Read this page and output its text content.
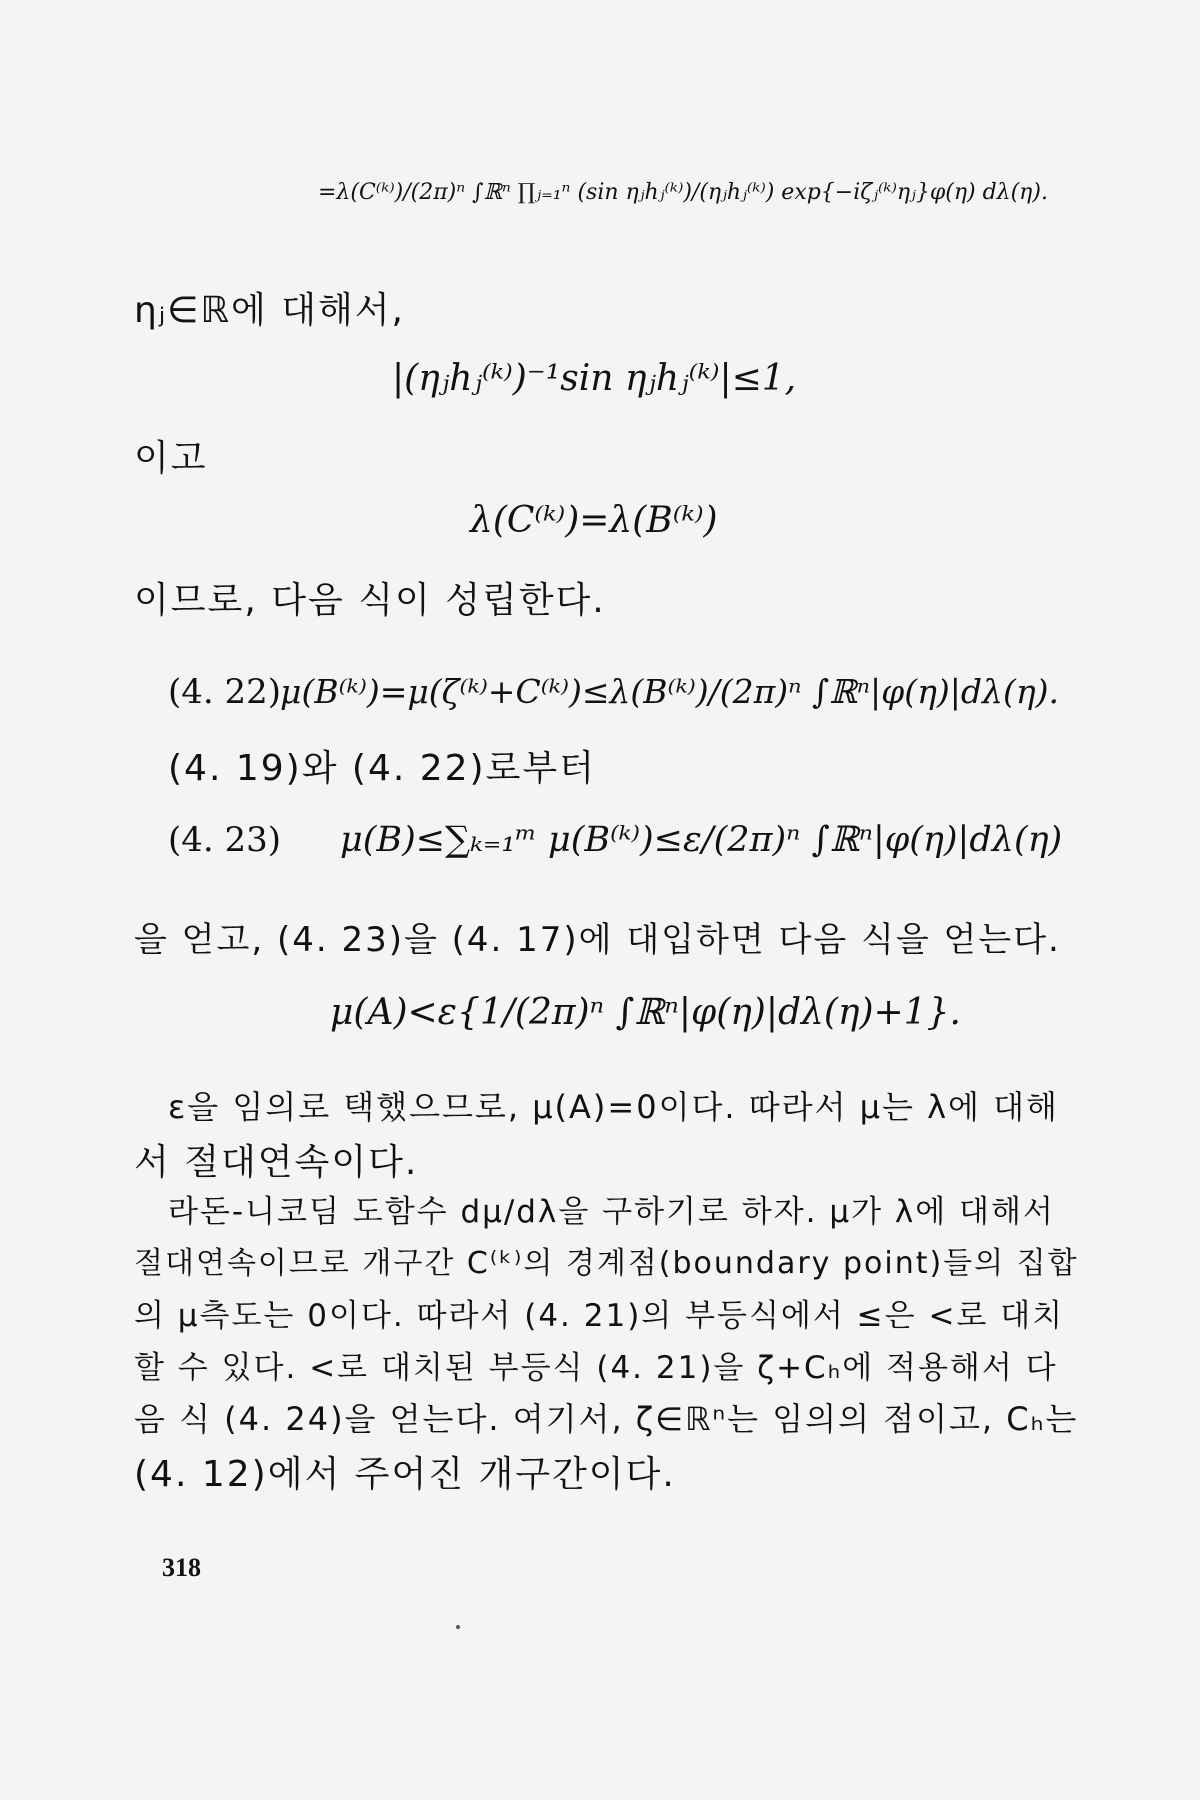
=λ(C⁽ᵏ⁾)/(2π)ⁿ ∫ℝⁿ ∏ⱼ₌₁ⁿ (sin ηⱼhⱼ⁽ᵏ⁾)/(ηⱼhⱼ⁽ᵏ⁾) exp{−iζⱼ⁽ᵏ⁾ηⱼ}φ(η) dλ(η).
ηⱼ∈ℝ에 대해서,
|(ηⱼhⱼ⁽ᵏ⁾)⁻¹sin ηⱼhⱼ⁽ᵏ⁾|≤1,
이고
λ(C⁽ᵏ⁾)=λ(B⁽ᵏ⁾)
이므로, 다음 식이 성립한다.
(4. 22)
μ(B⁽ᵏ⁾)=μ(ζ⁽ᵏ⁾+C⁽ᵏ⁾)≤λ(B⁽ᵏ⁾)/(2π)ⁿ ∫ℝⁿ|φ(η)|dλ(η).
(4. 19)와 (4. 22)로부터
(4. 23) μ(B)≤∑ₖ₌₁ᵐ μ(B⁽ᵏ⁾)≤ε/(2π)ⁿ ∫ℝⁿ|φ(η)|dλ(η)
을 얻고, (4. 23)을 (4. 17)에 대입하면 다음 식을 얻는다.
μ(A)<ε{1/(2π)ⁿ ∫ℝⁿ|φ(η)|dλ(η)+1}.
ε을 임의로 택했으므로, μ(A)=0이다. 따라서 μ는 λ에 대해
서 절대연속이다.
라돈-니코딤 도함수 dμ/dλ을 구하기로 하자. μ가 λ에 대해서
절대연속이므로 개구간 C⁽ᵏ⁾의 경계점(boundary point)들의 집합
의 μ측도는 0이다. 따라서 (4. 21)의 부등식에서 ≤은 <로 대치
할 수 있다. <로 대치된 부등식 (4. 21)을 ζ+Cₕ에 적용해서 다
음 식 (4. 24)을 얻는다. 여기서, ζ∈ℝⁿ는 임의의 점이고, Cₕ는
(4. 12)에서 주어진 개구간이다.
318
